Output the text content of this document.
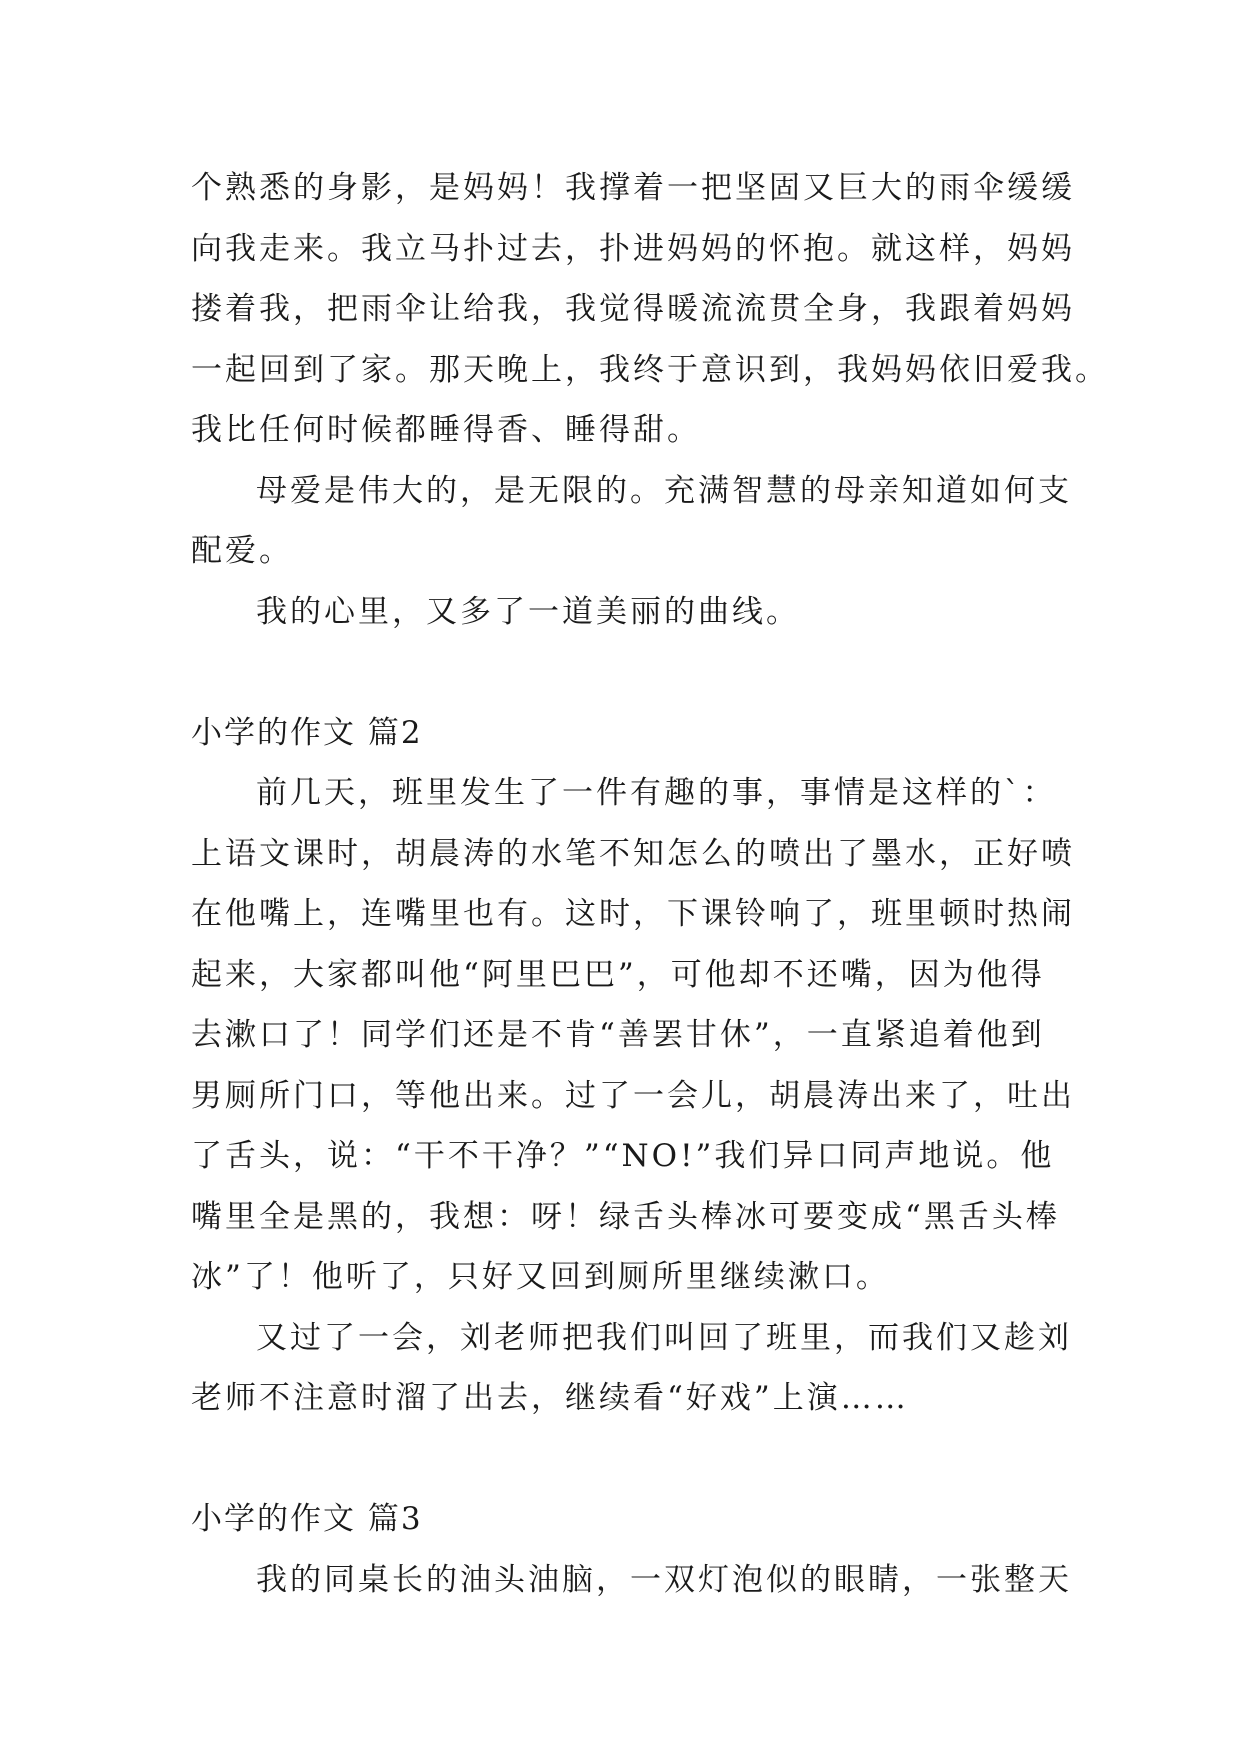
个熟悉的身影，是妈妈！我撑着一把坚固又巨大的雨伞缓缓
向我走来。我立马扑过去，扑进妈妈的怀抱。就这样，妈妈
搂着我，把雨伞让给我，我觉得暖流流贯全身，我跟着妈妈
一起回到了家。那天晚上，我终于意识到，我妈妈依旧爱我。
我比任何时候都睡得香、睡得甜。
母爱是伟大的，是无限的。充满智慧的母亲知道如何支
配爱。
我的心里，又多了一道美丽的曲线。
小学的作文 篇2
前几天，班里发生了一件有趣的事，事情是这样的`：
上语文课时，胡晨涛的水笔不知怎么的喷出了墨水，正好喷
在他嘴上，连嘴里也有。这时，下课铃响了，班里顿时热闹
起来，大家都叫他“阿里巴巴”，可他却不还嘴，因为他得
去漱口了！同学们还是不肯“善罢甘休”，一直紧追着他到
男厕所门口，等他出来。过了一会儿，胡晨涛出来了，吐出
了舌头，说：“干不干净？”“NO!”我们异口同声地说。他
嘴里全是黑的，我想：呀！绿舌头棒冰可要变成“黑舌头棒
冰”了！他听了，只好又回到厕所里继续漱口。
又过了一会，刘老师把我们叫回了班里，而我们又趁刘
老师不注意时溜了出去，继续看“好戏”上演……
小学的作文 篇3
我的同桌长的油头油脑，一双灯泡似的眼睛，一张整天
